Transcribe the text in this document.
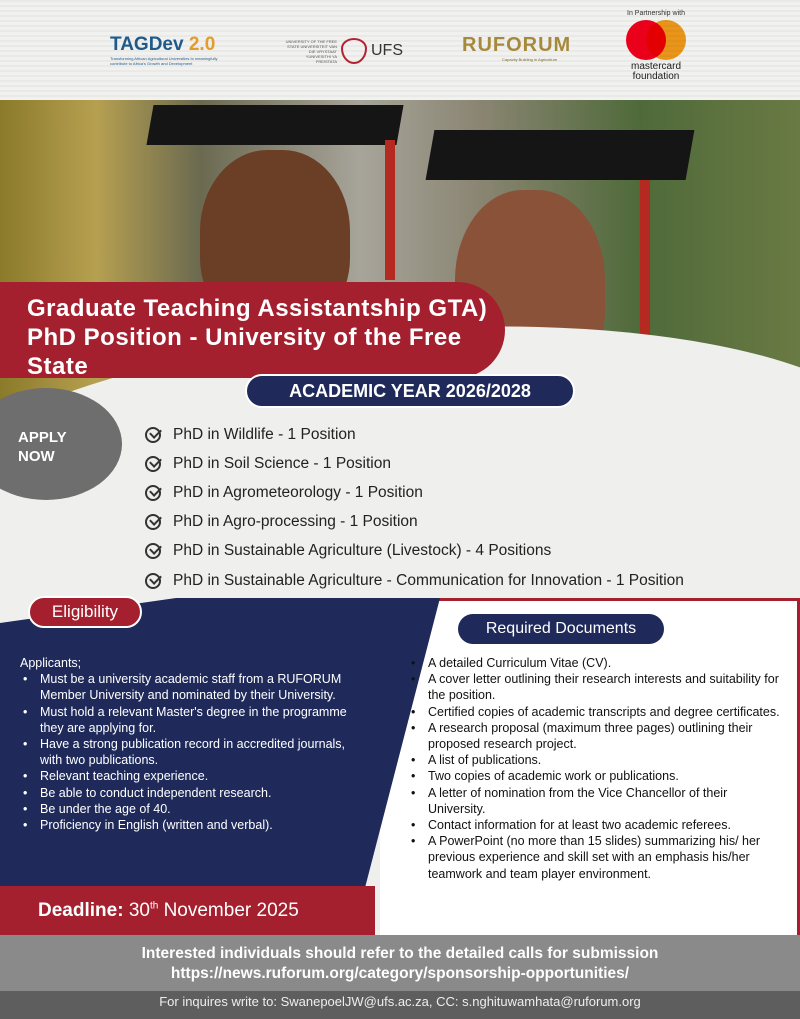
TAGDev 2.0
Transforming African Agricultural Universities to meaningfully contribute to Africa's Growth and Development
UNIVERSITY OF THE FREE STATE UNIVERSITEIT VAN DIE VRYSTAAT YUNIVESITHI YA FREISTATA
UFS	RUFORUM
Capacity Building in Agriculture
In Partnership with
mastercard
foundation
Graduate Teaching Assistantship GTA) PhD Position - University of the Free State
ACADEMIC YEAR 2026/2028
APPLY
NOW
PhD in Wildlife - 1 Position
PhD in Soil Science - 1 Position
PhD in Agrometeorology - 1 Position
PhD in Agro-processing - 1 Position
PhD in Sustainable Agriculture (Livestock) - 4 Positions
PhD in Sustainable Agriculture - Communication for Innovation - 1 Position
Eligibility
Required Documents
Applicants;
• Must be a university academic staff from a RUFORUM Member University and nominated by their University.
• Must hold a relevant Master's degree in the programme they are applying for.
• Have a strong publication record in accredited journals, with two publications.
• Relevant teaching experience.
• Be able to conduct independent research.
• Be under the age of 40.
• Proficiency in English (written and verbal).
• A detailed Curriculum Vitae (CV).
• A cover letter outlining their research interests and suitability for the position.
• Certified copies of academic transcripts and degree certificates.
• A research proposal (maximum three pages) outlining their proposed research project.
• A list of publications.
• Two copies of academic work or publications.
• A letter of nomination from the Vice Chancellor of their University.
• Contact information for at least two academic referees.
• A PowerPoint (no more than 15 slides) summarizing his/ her previous experience and skill set with an emphasis his/her teamwork and team player environment.
Deadline: 30th November 2025
Interested individuals should refer to the detailed calls for submission
https://news.ruforum.org/category/sponsorship-opportunities/
For inquires write to: SwanepoelJW@ufs.ac.za, CC: s.nghituwamhata@ruforum.org
